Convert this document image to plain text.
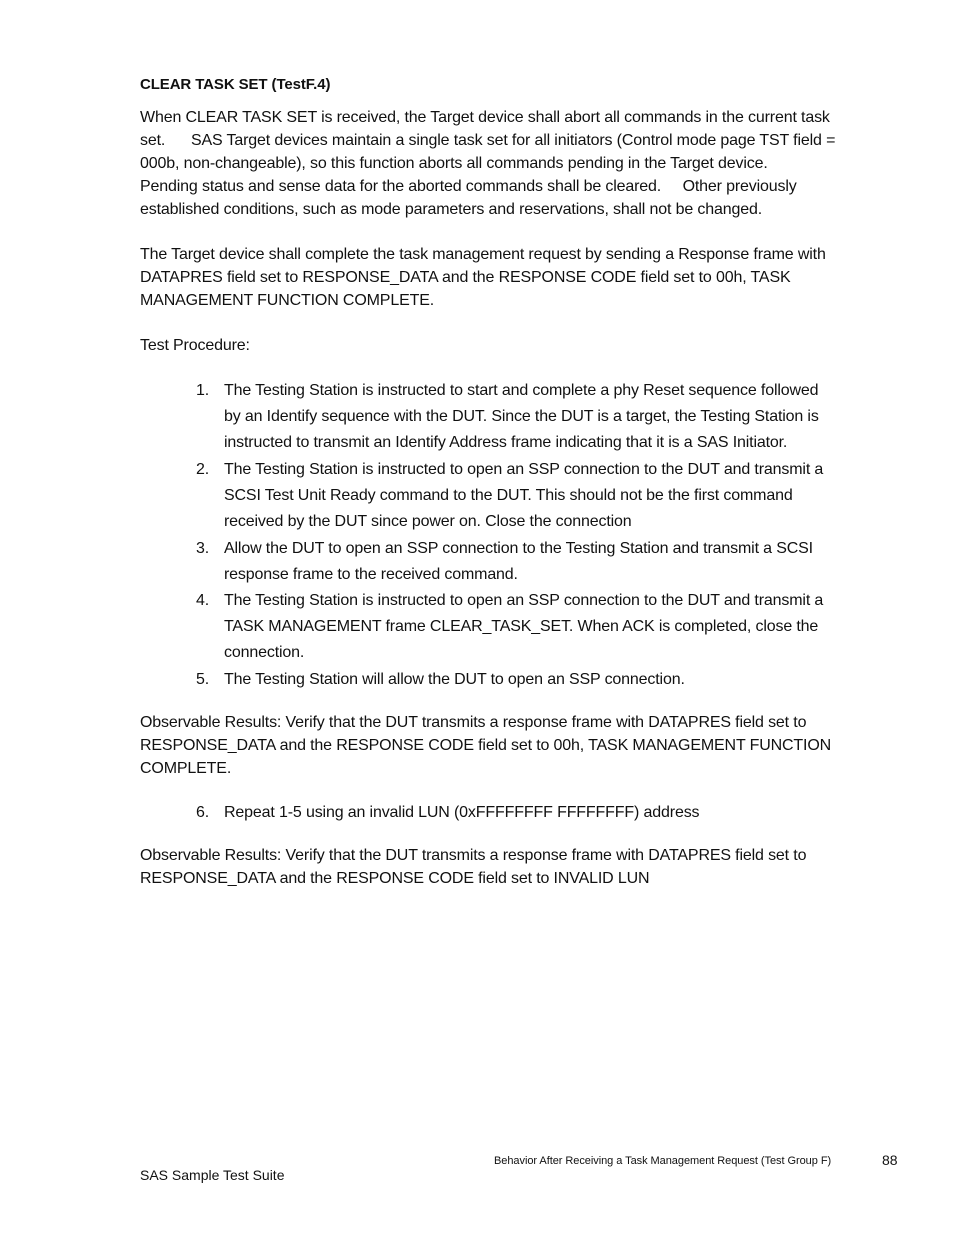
CLEAR TASK SET (TestF.4)
When CLEAR TASK SET is received, the Target device shall abort all commands in the current task
set.      SAS Target devices maintain a single task set for all initiators (Control mode page TST field =
000b, non-changeable), so this function aborts all commands pending in the Target device.
Pending status and sense data for the aborted commands shall be cleared.     Other previously
established conditions, such as mode parameters and reservations, shall not be changed.
The Target device shall complete the task management request by sending a Response frame with
DATAPRES field set to RESPONSE_DATA and the RESPONSE CODE field set to 00h, TASK
MANAGEMENT FUNCTION COMPLETE.
Test Procedure:
1. The Testing Station is instructed to start and complete a phy Reset sequence followed
by an Identify sequence with the DUT. Since the DUT is a target, the Testing Station is
instructed to transmit an Identify Address frame indicating that it is a SAS Initiator.
2. The Testing Station is instructed to open an SSP connection to the DUT and transmit a
SCSI Test Unit Ready command to the DUT. This should not be the first command
received by the DUT since power on. Close the connection
3. Allow the DUT to open an SSP connection to the Testing Station and transmit a SCSI
response frame to the received command.
4. The Testing Station is instructed to open an SSP connection to the DUT and transmit a
TASK MANAGEMENT frame CLEAR_TASK_SET. When ACK is completed, close the
connection.
5. The Testing Station will allow the DUT to open an SSP connection.
Observable Results: Verify that the DUT transmits a response frame with DATAPRES field set to
RESPONSE_DATA and the RESPONSE CODE field set to 00h, TASK MANAGEMENT FUNCTION
COMPLETE.
6. Repeat 1-5 using an invalid LUN (0xFFFFFFFF FFFFFFFF) address
Observable Results: Verify that the DUT transmits a response frame with DATAPRES field set to
RESPONSE_DATA and the RESPONSE CODE field set to INVALID LUN
Behavior After Receiving a Task Management Request (Test Group F)	88
SAS Sample Test Suite
